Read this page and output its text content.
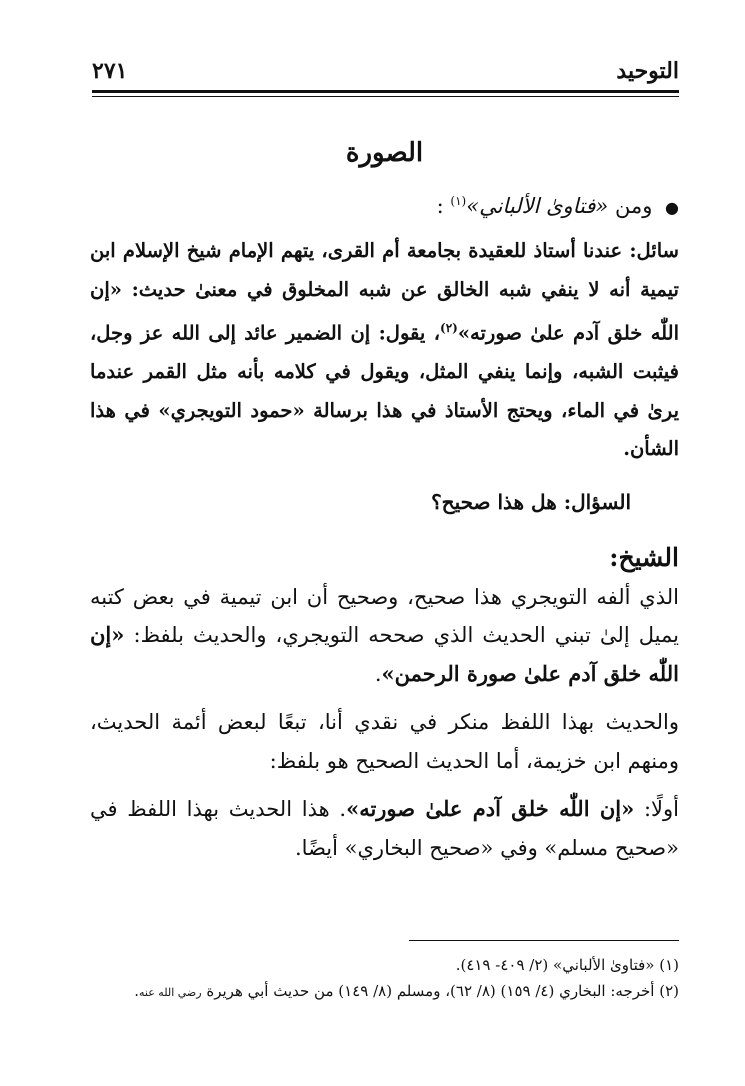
٢٧١	التوحيد
الصورة
● ومن «فتاوىٰ الألباني»$^{(١)}$ :

سائل: عندنا أستاذ للعقيدة بجامعة أم القرى، يتهم الإمام شيخ الإسلام ابن تيمية أنه لا ينفي شبه الخالق عن شبه المخلوق في معنىٰ حديث: «إن اللّٰه خلق آدم علىٰ صورته»$^{(٢)}$، يقول: إن الضمير عائد إلى الله عز وجل، فيثبت الشبه، وإنما ينفي المثل، ويقول في كلامه بأنه مثل القمر عندما يرىٰ في الماء، ويحتج الأستاذ في هذا برسالة «حمود التويجري» في هذا الشأن.

السؤال: هل هذا صحيح؟

الشيخ:

الذي ألفه التويجري هذا صحيح، وصحيح أن ابن تيمية في بعض كتبه يميل إلىٰ تبني الحديث الذي صححه التويجري، والحديث بلفظ: «إن اللّٰه خلق آدم علىٰ صورة الرحمن».

والحديث بهذا اللفظ منكر في نقدي أنا، تبعًا لبعض أئمة الحديث، ومنهم ابن خزيمة، أما الحديث الصحيح هو بلفظ:

أولًا: «إن اللّٰه خلق آدم علىٰ صورته». هذا الحديث بهذا اللفظ في «صحيح مسلم» وفي «صحيح البخاري» أيضًا.

(١) «فتاوىٰ الألباني» (٢/ ٤٠٩- ٤١٩).

(٢) أخرجه: البخاري (٤/ ١٥٩) (٨/ ٦٢)، ومسلم (٨/ ١٤٩) من حديث أبي هريرة رضي الله عنه.
